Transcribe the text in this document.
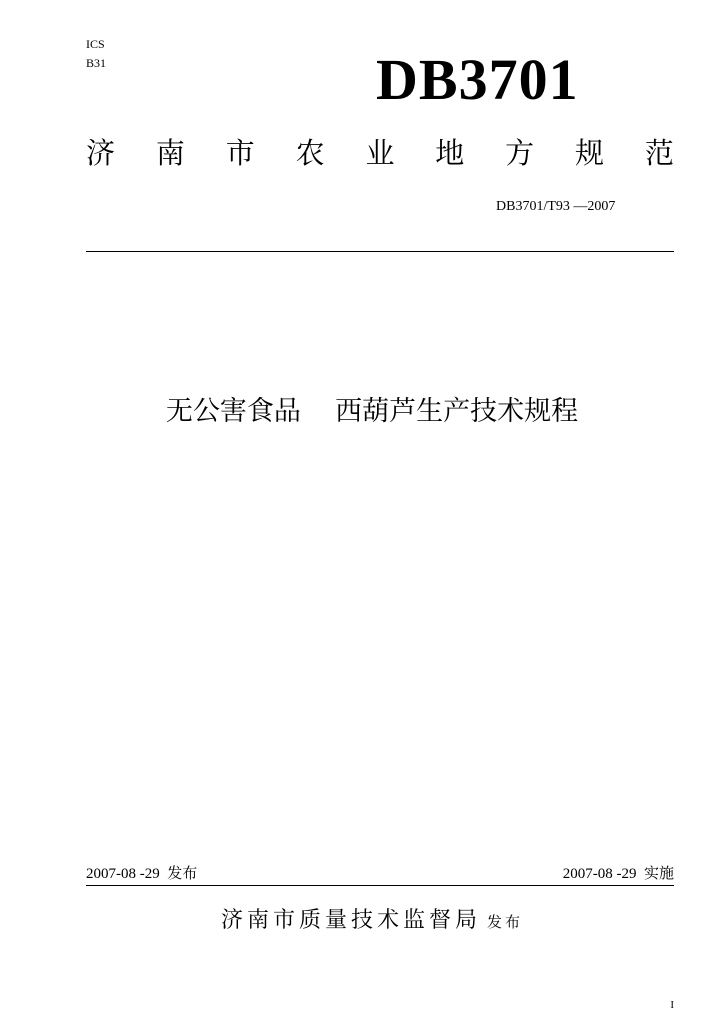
ICS
B31	DB3701
济 南 市 农 业 地 方 规 范
DB3701/T93 —2007
无公害食品    西葫芦生产技术规程
2007-08 -29  发布	2007-08 -29  实施
济南市质量技术监督局 发布
I
